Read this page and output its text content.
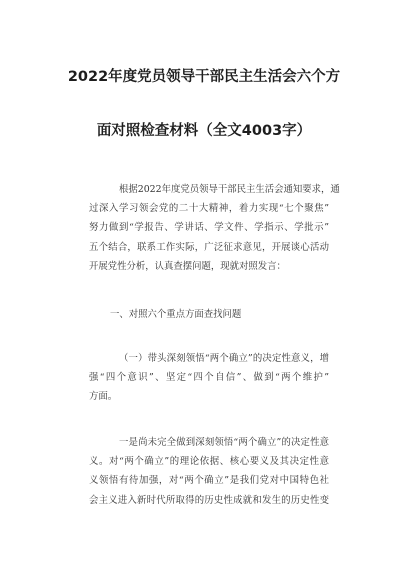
2022年度党员领导干部民主生活会六个方
面对照检查材料（全文4003字）
根据2022年度党员领导干部民主生活会通知要求，通
过深入学习领会党的二十大精神，着力实现“七个聚焦”
努力做到“学报告、学讲话、学文件、学指示、学批示”
五个结合，联系工作实际，广泛征求意见，开展谈心活动
开展党性分析，认真查摆问题，现就对照发言：
一、对照六个重点方面查找问题
（一）带头深刻领悟“两个确立”的决定性意义，增
强“四个意识”、坚定“四个自信”、做到“两个维护”
方面。
一是尚未完全做到深刻领悟“两个确立”的决定性意
义。对“两个确立”的理论依据、核心要义及其决定性意
义领悟有待加强，对“两个确立”是我们党对中国特色社
会主义进入新时代所取得的历史性成就和发生的历史性变
